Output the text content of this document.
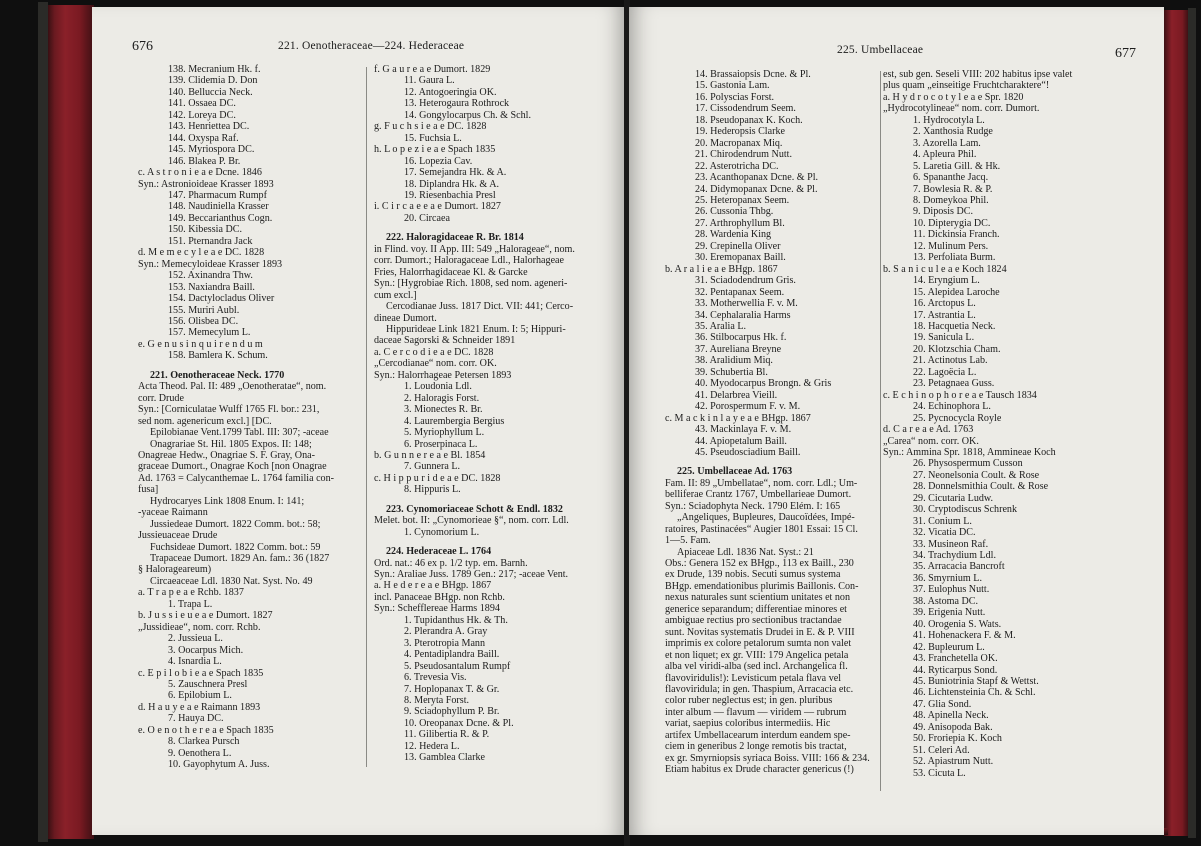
676	221. Oenotheraceae—224. Hederaceae
138. Mecranium Hk. f.
139. Clidemia D. Don
140. Belluccia Neck.
141. Ossaea DC.
142. Loreya DC.
143. Henriettea DC.
144. Oxyspa Raf.
145. Myriospora DC.
146. Blakea P. Br.
c. A s t r o n i e a e Dcne. 1846
Syn.: Astronioideae Krasser 1893
147. Pharmacum Rumpf
148. Naudiniella Krasser
149. Beccarianthus Cogn.
150. Kibessia DC.
151. Pternandra Jack
d. M e m e c y l e a e DC. 1828
Syn.: Memecyloideae Krasser 1893
152. Axinandra Thw.
153. Naxiandra Baill.
154. Dactylocladus Oliver
155. Muriri Aubl.
156. Olisbea DC.
157. Memecylum L.
e. G e n u s i n q u i r e n d u m
158. Bamlera K. Schum.
221. Oenotheraceae Neck. 1770
Acta Theod. Pal. II: 489 „Oenotheratae“, nom.
corr. Drude
Syn.: [Corniculatae Wulff 1765 Fl. bor.: 231,
sed nom. agenericum excl.] [DC.
Epilobianae Vent.1799 Tabl. III: 307; -aceae
Onagrariae St. Hil. 1805 Expos. II: 148;
Onagreae Hedw., Onagriae S. F. Gray, Ona-
graceae Dumort., Onagrae Koch [non Onagrae
Ad. 1763 = Calycanthemae L. 1764 familia con-
fusa]
Hydrocaryes Link 1808 Enum. I: 141;
-yaceae Raimann
Jussiedeae Dumort. 1822 Comm. bot.: 58;
Jussieuaceae Drude
Fuchsideae Dumort. 1822 Comm. bot.: 59
Trapaceae Dumort. 1829 An. fam.: 36 (1827
§ Halorageareum)
Circaeaceae Ldl. 1830 Nat. Syst. No. 49
a. T r a p e a e Rchb. 1837
1. Trapa L.
b. J u s s i e u e a e Dumort. 1827
„Jussidieae“, nom. corr. Rchb.
2. Jussieua L.
3. Oocarpus Mich.
4. Isnardia L.
c. E p i l o b i e a e Spach 1835
5. Zauschnera Presl
6. Epilobium L.
d. H a u y e a e Raimann 1893
7. Hauya DC.
e. O e n o t h e r e a e Spach 1835
8. Clarkea Pursch
9. Oenothera L.
10. Gayophytum A. Juss.
f. G a u r e a e Dumort. 1829
11. Gaura L.
12. Antogoeringia OK.
13. Heterogaura Rothrock
14. Gongylocarpus Ch. & Schl.
g. F u c h s i e a e DC. 1828
15. Fuchsia L.
h. L o p e z i e a e Spach 1835
16. Lopezia Cav.
17. Semejandra Hk. & A.
18. Diplandra Hk. & A.
19. Riesenbachia Presl
i. C i r c a e e a e Dumort. 1827
20. Circaea
222. Haloragidaceae R. Br. 1814
in Flind. voy. II App. III: 549 „Halorageae“, nom.
corr. Dumort.; Haloragaceae Ldl., Halorhageae
Fries, Halorrhagidaceae Kl. & Garcke
Syn.: [Hygrobiae Rich. 1808, sed nom. ageneri-
cum excl.]
Cercodianae Juss. 1817 Dict. VII: 441; Cerco-
dineae Dumort.
Hippurideae Link 1821 Enum. I: 5; Hippuri-
daceae Sagorski & Schneider 1891
a. C e r c o d i e a e DC. 1828
„Cercodianae“ nom. corr. OK.
Syn.: Halorrhageae Petersen 1893
1. Loudonia Ldl.
2. Haloragis Forst.
3. Mionectes R. Br.
4. Laurembergia Bergius
5. Myriophyllum L.
6. Proserpinaca L.
b. G u n n e r e a e Bl. 1854
7. Gunnera L.
c. H i p p u r i d e a e DC. 1828
8. Hippuris L.
223. Cynomoriaceae Schott & Endl. 1832
Melet. bot. II: „Cynomorieae §“, nom. corr. Ldl.
1. Cynomorium L.
224. Hederaceae L. 1764
Ord. nat.: 46 ex p. 1/2 typ. em. Barnh.
Syn.: Araliae Juss. 1789 Gen.: 217; -aceae Vent.
a. H e d e r e a e BHgp. 1867
incl. Panaceae BHgp. non Rchb.
Syn.: Schefflereae Harms 1894
1. Tupidanthus Hk. & Th.
2. Plerandra A. Gray
3. Pterotropia Mann
4. Pentadiplandra Baill.
5. Pseudosantalum Rumpf
6. Trevesia Vis.
7. Hoplopanax T. & Gr.
8. Meryta Forst.
9. Sciadophyllum P. Br.
10. Oreopanax Dcne. & Pl.
11. Gilibertia R. & P.
12. Hedera L.
13. Gamblea Clarke
225. Umbellaceae	677
14. Brassaiopsis Dcne. & Pl.
15. Gastonia Lam.
16. Polyscias Forst.
17. Cissodendrum Seem.
18. Pseudopanax K. Koch.
19. Hederopsis Clarke
20. Macropanax Miq.
21. Chirodendrum Nutt.
22. Asterotricha DC.
23. Acanthopanax Dcne. & Pl.
24. Didymopanax Dcne. & Pl.
25. Heteropanax Seem.
26. Cussonia Thbg.
27. Arthrophyllum Bl.
28. Wardenia King
29. Crepinella Oliver
30. Eremopanax Baill.
b. A r a l i e a e BHgp. 1867
31. Sciadodendrum Gris.
32. Pentapanax Seem.
33. Motherwellia F. v. M.
34. Cephalaralia Harms
35. Aralia L.
36. Stilbocarpus Hk. f.
37. Aureliana Breyne
38. Aralidium Miq.
39. Schubertia Bl.
40. Myodocarpus Brongn. & Gris
41. Delarbrea Vieill.
42. Porospermum F. v. M.
c. M a c k i n l a y e a e BHgp. 1867
43. Mackinlaya F. v. M.
44. Apiopetalum Baill.
45. Pseudosciadium Baill.
225. Umbellaceae Ad. 1763
Fam. II: 89 „Umbellatae“, nom. corr. Ldl.; Um-
belliferae Crantz 1767, Umbellarieae Dumort.
Syn.: Sciadophyta Neck. 1790 Elém. I: 165
„Angeliques, Bupleures, Daucoïdées, Impé-
ratoires, Pastinacées“ Augier 1801 Essai: 15 Cl.
1—5. Fam.
Apiaceae Ldl. 1836 Nat. Syst.: 21
Obs.: Genera 152 ex BHgp., 113 ex Baill., 230
ex Drude, 139 nobis. Secuti sumus systema
BHgp. emendationibus plurimis Baillonis. Con-
nexus naturales sunt scientium unitates et non
generice separandum; differentiae minores et
ambiguae rectius pro sectionibus tractandae
sunt. Novitas systematis Drudei in E. & P. VIII
imprimis ex colore petalorum sumta non valet
et non liquet; ex gr. VIII: 179 Angelica petala
alba vel viridi-alba (sed incl. Archangelica fl.
flavoviridulis!): Levisticum petala flava vel
flavoviridula; in gen. Thaspium, Arracacia etc.
color ruber neglectus est; in gen. pluribus
inter album — flavum — viridem — rubrum
variat, saepius coloribus intermediis. Hic
artifex Umbellacearum interdum eandem spe-
ciem in generibus 2 longe remotis bis tractat,
ex gr. Smyrniopsis syriaca Boiss. VIII: 166 & 234.
Etiam habitus ex Drude character genericus (!)
est, sub gen. Seseli VIII: 202 habitus ipse valet
plus quam „einseitige Fruchtcharaktere“!
a. H y d r o c o t y l e a e Spr. 1820
„Hydrocotylineae“ nom. corr. Dumort.
1. Hydrocotyla L.
2. Xanthosia Rudge
3. Azorella Lam.
4. Apleura Phil.
5. Laretia Gill. & Hk.
6. Spananthe Jacq.
7. Bowlesia R. & P.
8. Domeykoa Phil.
9. Diposis DC.
10. Dipterygia DC.
11. Dickinsia Franch.
12. Mulinum Pers.
13. Perfoliata Burm.
b. S a n i c u l e a e Koch 1824
14. Eryngium L.
15. Alepidea Laroche
16. Arctopus L.
17. Astrantia L.
18. Hacquetia Neck.
19. Sanicula L.
20. Klotzschia Cham.
21. Actinotus Lab.
22. Lagoëcia L.
23. Petagnaea Guss.
c. E c h i n o p h o r e a e Tausch 1834
24. Echinophora L.
25. Pycnocycla Royle
d. C a r e a e Ad. 1763
„Carea“ nom. corr. OK.
Syn.: Ammina Spr. 1818, Ammineae Koch
26. Physospermum Cusson
27. Neonelsonia Coult. & Rose
28. Donnelsmithia Coult. & Rose
29. Cicutaria Ludw.
30. Cryptodiscus Schrenk
31. Conium L.
32. Vicatia DC.
33. Musineon Raf.
34. Trachydium Ldl.
35. Arracacia Bancroft
36. Smyrnium L.
37. Eulophus Nutt.
38. Astoma DC.
39. Erigenia Nutt.
40. Orogenia S. Wats.
41. Hohenackera F. & M.
42. Bupleurum L.
43. Franchetella OK.
44. Ryticarpus Sond.
45. Buniotrinia Stapf & Wettst.
46. Lichtensteinia Ch. & Schl.
47. Glia Sond.
48. Apinella Neck.
49. Anisopoda Bak.
50. Froriepia K. Koch
51. Celeri Ad.
52. Apiastrum Nutt.
53. Cicuta L.
